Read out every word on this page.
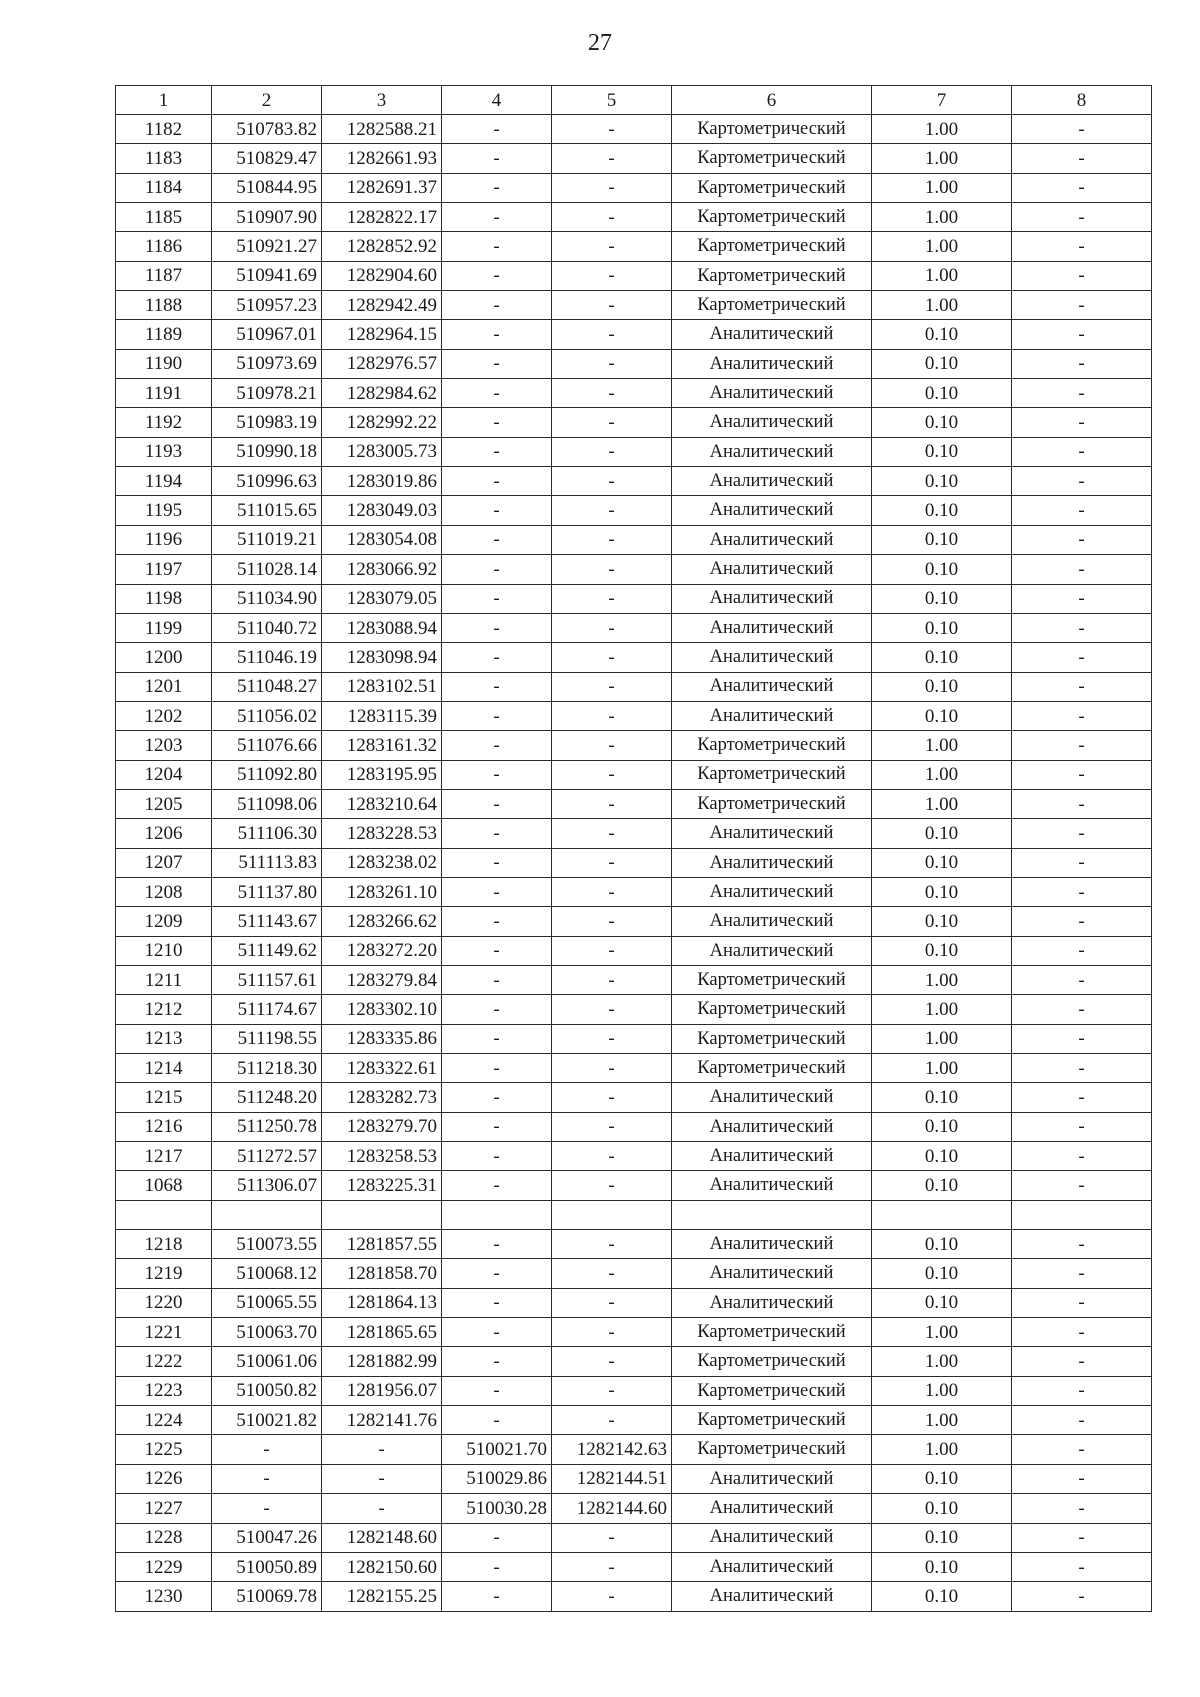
27
1	2	3	4	5	6	7	8
1182	510783.82	1282588.21	-	-	Картометрический	1.00	-
1183	510829.47	1282661.93	-	-	Картометрический	1.00	-
1184	510844.95	1282691.37	-	-	Картометрический	1.00	-
1185	510907.90	1282822.17	-	-	Картометрический	1.00	-
1186	510921.27	1282852.92	-	-	Картометрический	1.00	-
1187	510941.69	1282904.60	-	-	Картометрический	1.00	-
1188	510957.23	1282942.49	-	-	Картометрический	1.00	-
1189	510967.01	1282964.15	-	-	Аналитический	0.10	-
1190	510973.69	1282976.57	-	-	Аналитический	0.10	-
1191	510978.21	1282984.62	-	-	Аналитический	0.10	-
1192	510983.19	1282992.22	-	-	Аналитический	0.10	-
1193	510990.18	1283005.73	-	-	Аналитический	0.10	-
1194	510996.63	1283019.86	-	-	Аналитический	0.10	-
1195	511015.65	1283049.03	-	-	Аналитический	0.10	-
1196	511019.21	1283054.08	-	-	Аналитический	0.10	-
1197	511028.14	1283066.92	-	-	Аналитический	0.10	-
1198	511034.90	1283079.05	-	-	Аналитический	0.10	-
1199	511040.72	1283088.94	-	-	Аналитический	0.10	-
1200	511046.19	1283098.94	-	-	Аналитический	0.10	-
1201	511048.27	1283102.51	-	-	Аналитический	0.10	-
1202	511056.02	1283115.39	-	-	Аналитический	0.10	-
1203	511076.66	1283161.32	-	-	Картометрический	1.00	-
1204	511092.80	1283195.95	-	-	Картометрический	1.00	-
1205	511098.06	1283210.64	-	-	Картометрический	1.00	-
1206	511106.30	1283228.53	-	-	Аналитический	0.10	-
1207	511113.83	1283238.02	-	-	Аналитический	0.10	-
1208	511137.80	1283261.10	-	-	Аналитический	0.10	-
1209	511143.67	1283266.62	-	-	Аналитический	0.10	-
1210	511149.62	1283272.20	-	-	Аналитический	0.10	-
1211	511157.61	1283279.84	-	-	Картометрический	1.00	-
1212	511174.67	1283302.10	-	-	Картометрический	1.00	-
1213	511198.55	1283335.86	-	-	Картометрический	1.00	-
1214	511218.30	1283322.61	-	-	Картометрический	1.00	-
1215	511248.20	1283282.73	-	-	Аналитический	0.10	-
1216	511250.78	1283279.70	-	-	Аналитический	0.10	-
1217	511272.57	1283258.53	-	-	Аналитический	0.10	-
1068	511306.07	1283225.31	-	-	Аналитический	0.10	-

1218	510073.55	1281857.55	-	-	Аналитический	0.10	-
1219	510068.12	1281858.70	-	-	Аналитический	0.10	-
1220	510065.55	1281864.13	-	-	Аналитический	0.10	-
1221	510063.70	1281865.65	-	-	Картометрический	1.00	-
1222	510061.06	1281882.99	-	-	Картометрический	1.00	-
1223	510050.82	1281956.07	-	-	Картометрический	1.00	-
1224	510021.82	1282141.76	-	-	Картометрический	1.00	-
1225	-	-	510021.70	1282142.63	Картометрический	1.00	-
1226	-	-	510029.86	1282144.51	Аналитический	0.10	-
1227	-	-	510030.28	1282144.60	Аналитический	0.10	-
1228	510047.26	1282148.60	-	-	Аналитический	0.10	-
1229	510050.89	1282150.60	-	-	Аналитический	0.10	-
1230	510069.78	1282155.25	-	-	Аналитический	0.10	-
